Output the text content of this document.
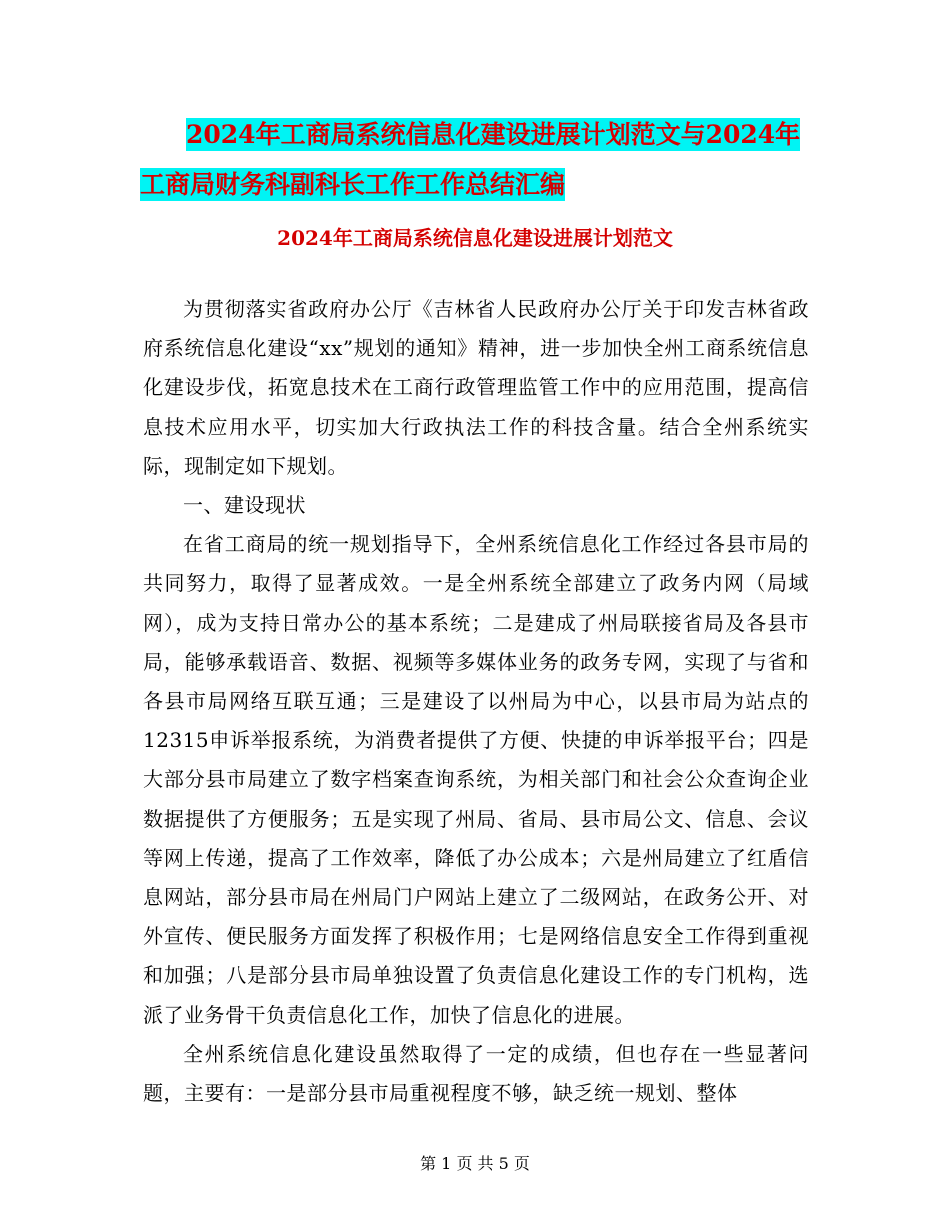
2024年工商局系统信息化建设进展计划范文与2024年
工商局财务科副科长工作工作总结汇编
2024年工商局系统信息化建设进展计划范文

为贯彻落实省政府办公厅《吉林省人民政府办公厅关于印发吉林省政府系统信息化建设“xx”规划的通知》精神，进一步加快全州工商系统信息化建设步伐，拓宽息技术在工商行政管理监管工作中的应用范围，提高信息技术应用水平，切实加大行政执法工作的科技含量。结合全州系统实际，现制定如下规划。

一、建设现状

在省工商局的统一规划指导下，全州系统信息化工作经过各县市局的共同努力，取得了显著成效。一是全州系统全部建立了政务内网（局域网），成为支持日常办公的基本系统；二是建成了州局联接省局及各县市局，能够承载语音、数据、视频等多媒体业务的政务专网，实现了与省和各县市局网络互联互通；三是建设了以州局为中心，以县市局为站点的12315申诉举报系统，为消费者提供了方便、快捷的申诉举报平台；四是大部分县市局建立了数字档案查询系统，为相关部门和社会公众查询企业数据提供了方便服务；五是实现了州局、省局、县市局公文、信息、会议等网上传递，提高了工作效率，降低了办公成本；六是州局建立了红盾信息网站，部分县市局在州局门户网站上建立了二级网站，在政务公开、对外宣传、便民服务方面发挥了积极作用；七是网络信息安全工作得到重视和加强；八是部分县市局单独设置了负责信息化建设工作的专门机构，选派了业务骨干负责信息化工作，加快了信息化的进展。

全州系统信息化建设虽然取得了一定的成绩，但也存在一些显著问题，主要有：一是部分县市局重视程度不够，缺乏统一规划、整体

第 1 页 共 5 页
